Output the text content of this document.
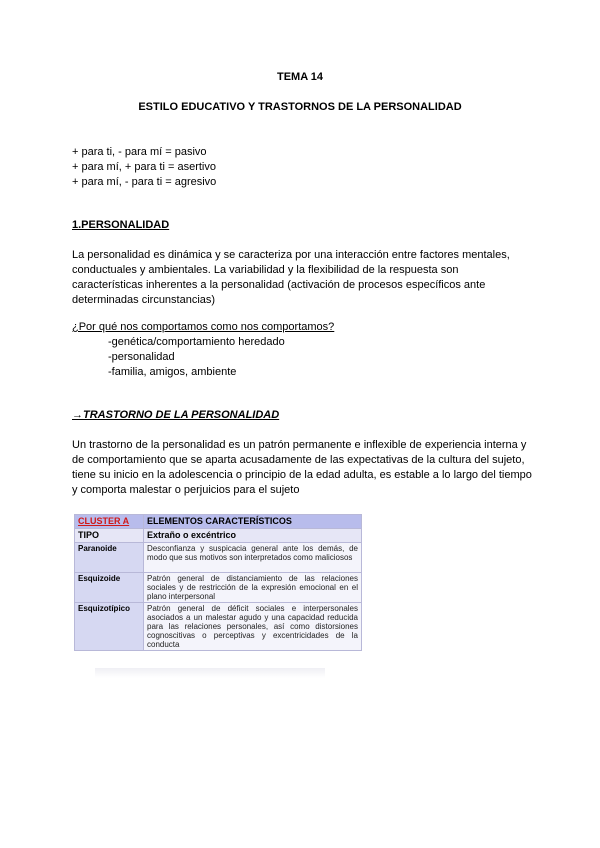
TEMA 14
ESTILO EDUCATIVO Y TRASTORNOS DE LA PERSONALIDAD
+ para ti, - para mí = pasivo
+ para mí, + para ti = asertivo
+ para mí, - para ti = agresivo
1.PERSONALIDAD
La personalidad es dinámica y se caracteriza por una interacción entre factores mentales, conductuales y ambientales. La variabilidad y la flexibilidad de la respuesta son características inherentes a la personalidad (activación de procesos específicos ante determinadas circunstancias)
¿Por qué nos comportamos como nos comportamos?
-genética/comportamiento heredado
-personalidad
-familia, amigos, ambiente
→TRASTORNO DE LA PERSONALIDAD
Un trastorno de la personalidad es un patrón permanente e inflexible de experiencia interna y de comportamiento que se aparta acusadamente de las expectativas de la cultura del sujeto, tiene su inicio en la adolescencia o principio de la edad adulta, es estable a lo largo del tiempo y comporta malestar o perjuicios para el sujeto
CLUSTER A	ELEMENTOS CARACTERÍSTICOS
TIPO	Extraño o excéntrico
Paranoide	Desconfianza y suspicacia general ante los demás, de modo que sus motivos son interpretados como maliciosos
Esquizoide	Patrón general de distanciamiento de las relaciones sociales y de restricción de la expresión emocional en el plano interpersonal
Esquizotípico	Patrón general de déficit sociales e interpersonales asociados a un malestar agudo y una capacidad reducida para las relaciones personales, así como distorsiones cognoscitivas o perceptivas y excentricidades de la conducta
